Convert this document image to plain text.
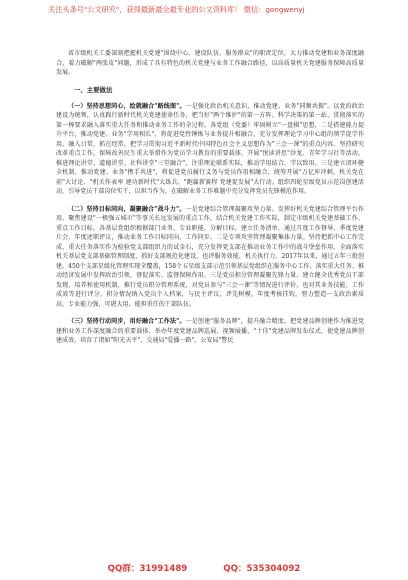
关注头条号"公文研究"，获得最新最全最专业的公文资料库！ 微信：gongwenyj

省市级机关工委深刻把握机关党建"围绕中心、建设队伍、服务群众"的职责定位，大力推动党建和业务深度融合，着力破解"两张皮"问题，形成了具有特色的机关党建与业务工作融合路径，以高质量机关党建服务保障高质量发展。

一、主要做法

（一）坚持思想同心，绘就融合"路线图"。一是强化政治机关意识，推动党建、业务"同频共振"。以党的政治建设为统领，认真践行新时代机关党建使命任务，把当好"两个维护"的第一方阵、科学决策的第一站、贯彻落实的第一棒要求融入落实重大任务和推动业务工作的全过程。各党组（党委）牢固树立"一盘棋"思想，二是搭建能力提升平台，推动党建、业务"学用相长"，将促进党性锤炼与业务提升相融合，充分发挥理论学习中心组的领学促学作用，融入日常，抓在经常，把学习贯彻习近平新时代中国特色社会主义思想作为"三会一课"的重点内容。坚持研究改革重点工作，保障改善民生重大举措作为党员学习教育的重要载体，开展"悦读讲思"沙龙、青年学习社等活动，推进理论讲堂、道德讲堂、社科讲堂"三堂融合"，注重理论联系实际，推动学用结合、学以致用。三是建立闭环健全机制，推动党建、业务"携手共进"，将促进党员履行义务与党员作用相融合，统筹开展"万亿库冲刺，机关党在前"大讨论、"机关作表率 建功新时代"大练兵、"跑赢新赛程 党建促发展"大行动。组织四轮星级党员示范岗创建活动，引导党员干部岗位实干，以担当作为，在破解业务工作难题中充分发挥党员先锋模范作用。

（二）坚持目标同向，凝聚融合"战斗力"。一是党建综合管理凝聚攻坚力量。发挥好机关党建综合管理平台作用，聚焦建设"一极强五城市"等事关长远发展的重点工作，结合机关党建工作实际，制定市级机关党建基础工作、重点工作目标，各基层党组织根据部门业务、专业职能，分解目标，建立任务清单，通过月度工作督导、季度党建片会、年度述职评议，推动业务工作目标同向、工作同步。二是专项攻坚管理凝聚集体力量。坚持把抓中心工作完成、重大任务落实作为检验党支部组织力的试金石，充分发挥党支部在推动业务工作中的战斗堡垒作用，全面落实机关基层党支部基础管理制度，抓好支部规范化建设，也评服务效能，机关执行力。2017年以来，通过五年三批创建，450个支部星级化管理实现全覆盖，158个五星级支部示范引领基层党组织在服务中心工作、落实重大任务、推动经济发展中发挥政治引领，督促落实、监督保障作用。三是党员积分管理凝聚先锋力量。建立健全优秀党员干部发现、培养和使用机制，推行党员积分管理系统，对党员参与"三会一课"等情况进行评价，也对其业务技能、工作成效等进行评分，积分情况纳入党员个人档案，与民主评议、评先树模、年度考核挂钩，努力塑造一支政治素质高、专业能力强，可堪大用、能担重任的干部队伍。

（三）坚持行动同步，用好融合"工作法"。一是创建"服务品牌"，提升融合精度。把党建品牌创建作为推进党建和业务工作深度融合的重要载体，举办年度党建品牌巡展、视频展播、"十佳"党建品牌发布仪式，使党建品牌创建成效，培育了诸如"阳光天平"、交通局"爱播一路"、公安局"警民

QQ群：31991489	QQ：535304092
